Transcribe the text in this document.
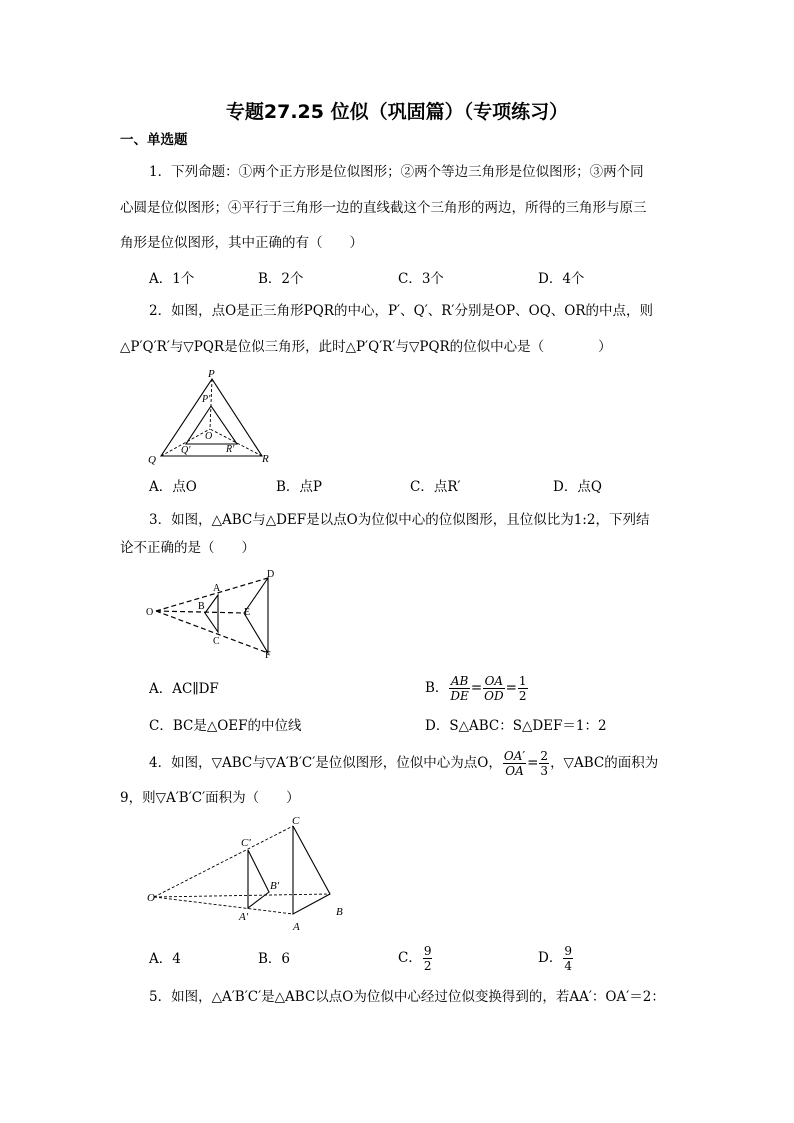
专题27.25 位似（巩固篇）（专项练习）
一、单选题
1．下列命题：①两个正方形是位似图形；②两个等边三角形是位似图形；③两个同
心圆是位似图形；④平行于三角形一边的直线截这个三角形的两边，所得的三角形与原三
角形是位似图形，其中正确的有（　　）
A．1个	B．2个	C．3个	D．4个
2．如图，点O是正三角形PQR的中心，P′、Q′、R′分别是OP、OQ、OR的中点，则
△P′Q′R′与▽PQR是位似三角形，此时△P′Q′R′与▽PQR的位似中心是（　　　　）
P
P′
O
Q
Q′	R′
R
A．点O	B．点P	C．点R′	D．点Q
3．如图，△ABC与△DEF是以点O为位似中心的位似图形，且位似比为1:2，下列结
论不正确的是（　　）
O
A
B
C
D
E
F
A．AC∥DF	B． $\frac{AB}{DE} = \frac{OA}{OD} = \frac{1}{2}$
C．BC是△OEF的中位线	D．S△ABC：S△DEF＝1：2
4．如图，▽ABC与▽A′B′C′是位似图形，位似中心为点O， $\frac{OA'}{OA} = \frac{2}{3}$ ，▽ABC的面积为
9，则▽A′B′C′面积为（　　）
O
C
C′
B′
A′
A
B
A．4	B．6	C． $\frac{9}{2}$	D． $\frac{9}{4}$
5．如图，△A′B′C′是△ABC以点O为位似中心经过位似变换得到的，若AA′：OA′＝2：
